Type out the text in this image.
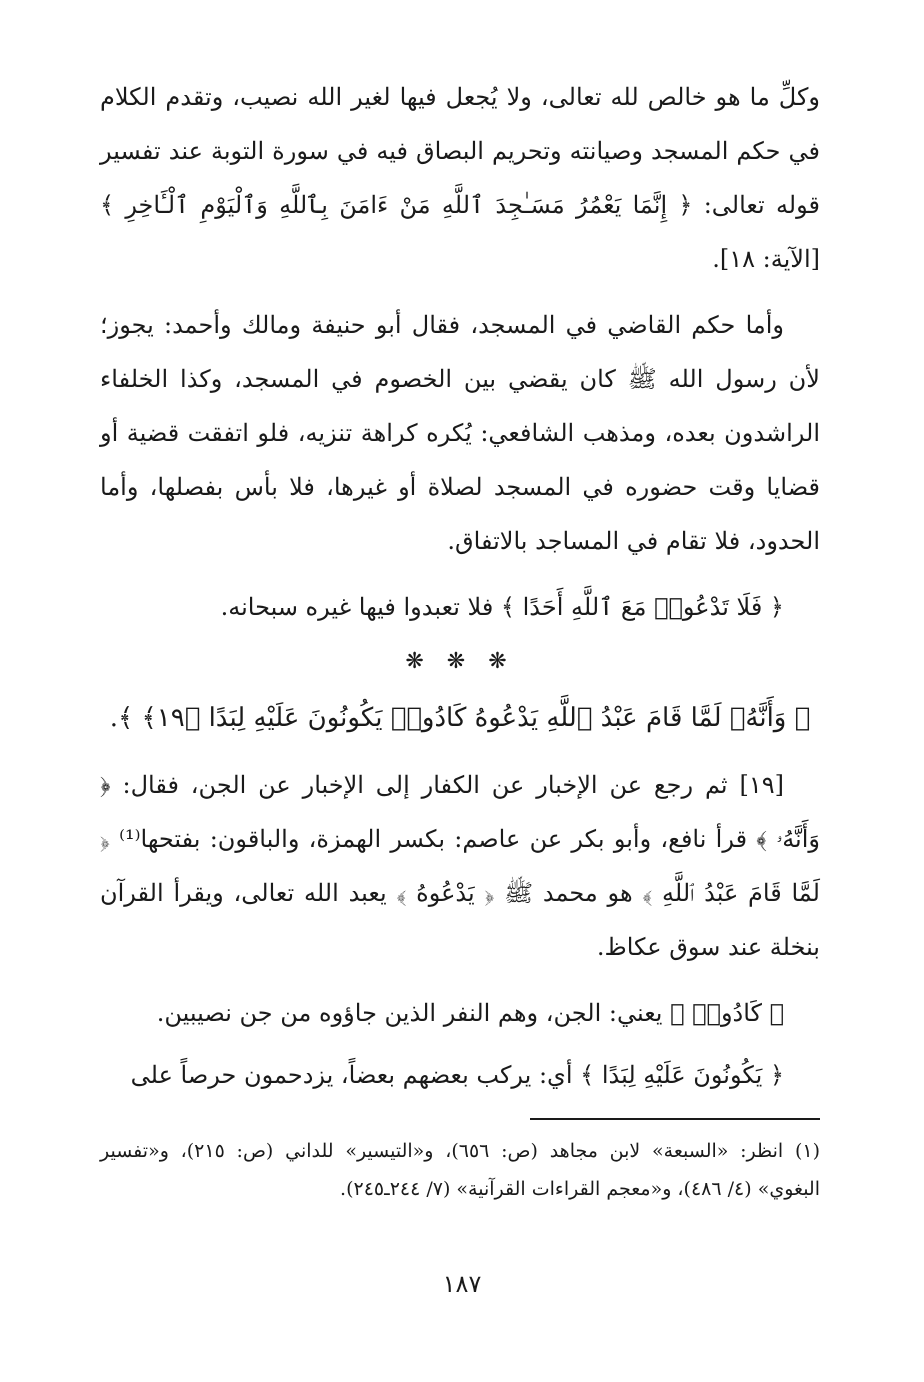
وكلِّ ما هو خالص لله تعالى، ولا يُجعل فيها لغير الله نصيب، وتقدم الكلام في حكم المسجد وصيانته وتحريم البصاق فيه في سورة التوبة عند تفسير قوله تعالى: ﴿ إِنَّمَا يَعْمُرُ مَسَـٰجِدَ ٱللَّهِ مَنْ ءَامَنَ بِٱللَّهِ وَٱلْيَوْمِ ٱلْـَٔاخِرِ ﴾ [الآية: ١٨].

وأما حكم القاضي في المسجد، فقال أبو حنيفة ومالك وأحمد: يجوز؛ لأن رسول الله ﷺ كان يقضي بين الخصوم في المسجد، وكذا الخلفاء الراشدون بعده، ومذهب الشافعي: يُكره كراهة تنزيه، فلو اتفقت قضية أو قضايا وقت حضوره في المسجد لصلاة أو غيرها، فلا بأس بفصلها، وأما الحدود، فلا تقام في المساجد بالاتفاق.

﴿ فَلَا تَدْعُوا۟ مَعَ ٱللَّهِ أَحَدًا ﴾ فلا تعبدوا فيها غيره سبحانه.

❋ ❋ ❋
﴿ وَأَنَّهُۥ لَمَّا قَامَ عَبْدُ ٱللَّهِ يَدْعُوهُ كَادُوا۟ يَكُونُونَ عَلَيْهِ لِبَدًا ﴿١٩﴾ ﴾.

[١٩] ثم رجع عن الإخبار عن الكفار إلى الإخبار عن الجن، فقال: ﴿ وَأَنَّهُۥ ﴾ قرأ نافع، وأبو بكر عن عاصم: بكسر الهمزة، والباقون: بفتحها⁽¹⁾ ﴿ لَمَّا قَامَ عَبْدُ ٱللَّهِ ﴾ هو محمد ﷺ ﴿ يَدْعُوهُ ﴾ يعبد الله تعالى، ويقرأ القرآن بنخلة عند سوق عكاظ.

﴿ كَادُوا۟ ﴾ يعني: الجن، وهم النفر الذين جاؤوه من جن نصيبين.

﴿ يَكُونُونَ عَلَيْهِ لِبَدًا ﴾ أي: يركب بعضهم بعضاً، يزدحمون حرصاً على

(١) انظر: «السبعة» لابن مجاهد (ص: ٦٥٦)، و«التيسير» للداني (ص: ٢١٥)، و«تفسير البغوي» (٤/ ٤٨٦)، و«معجم القراءات القرآنية» (٧/ ٢٤٤ـ٢٤٥).

١٨٧
